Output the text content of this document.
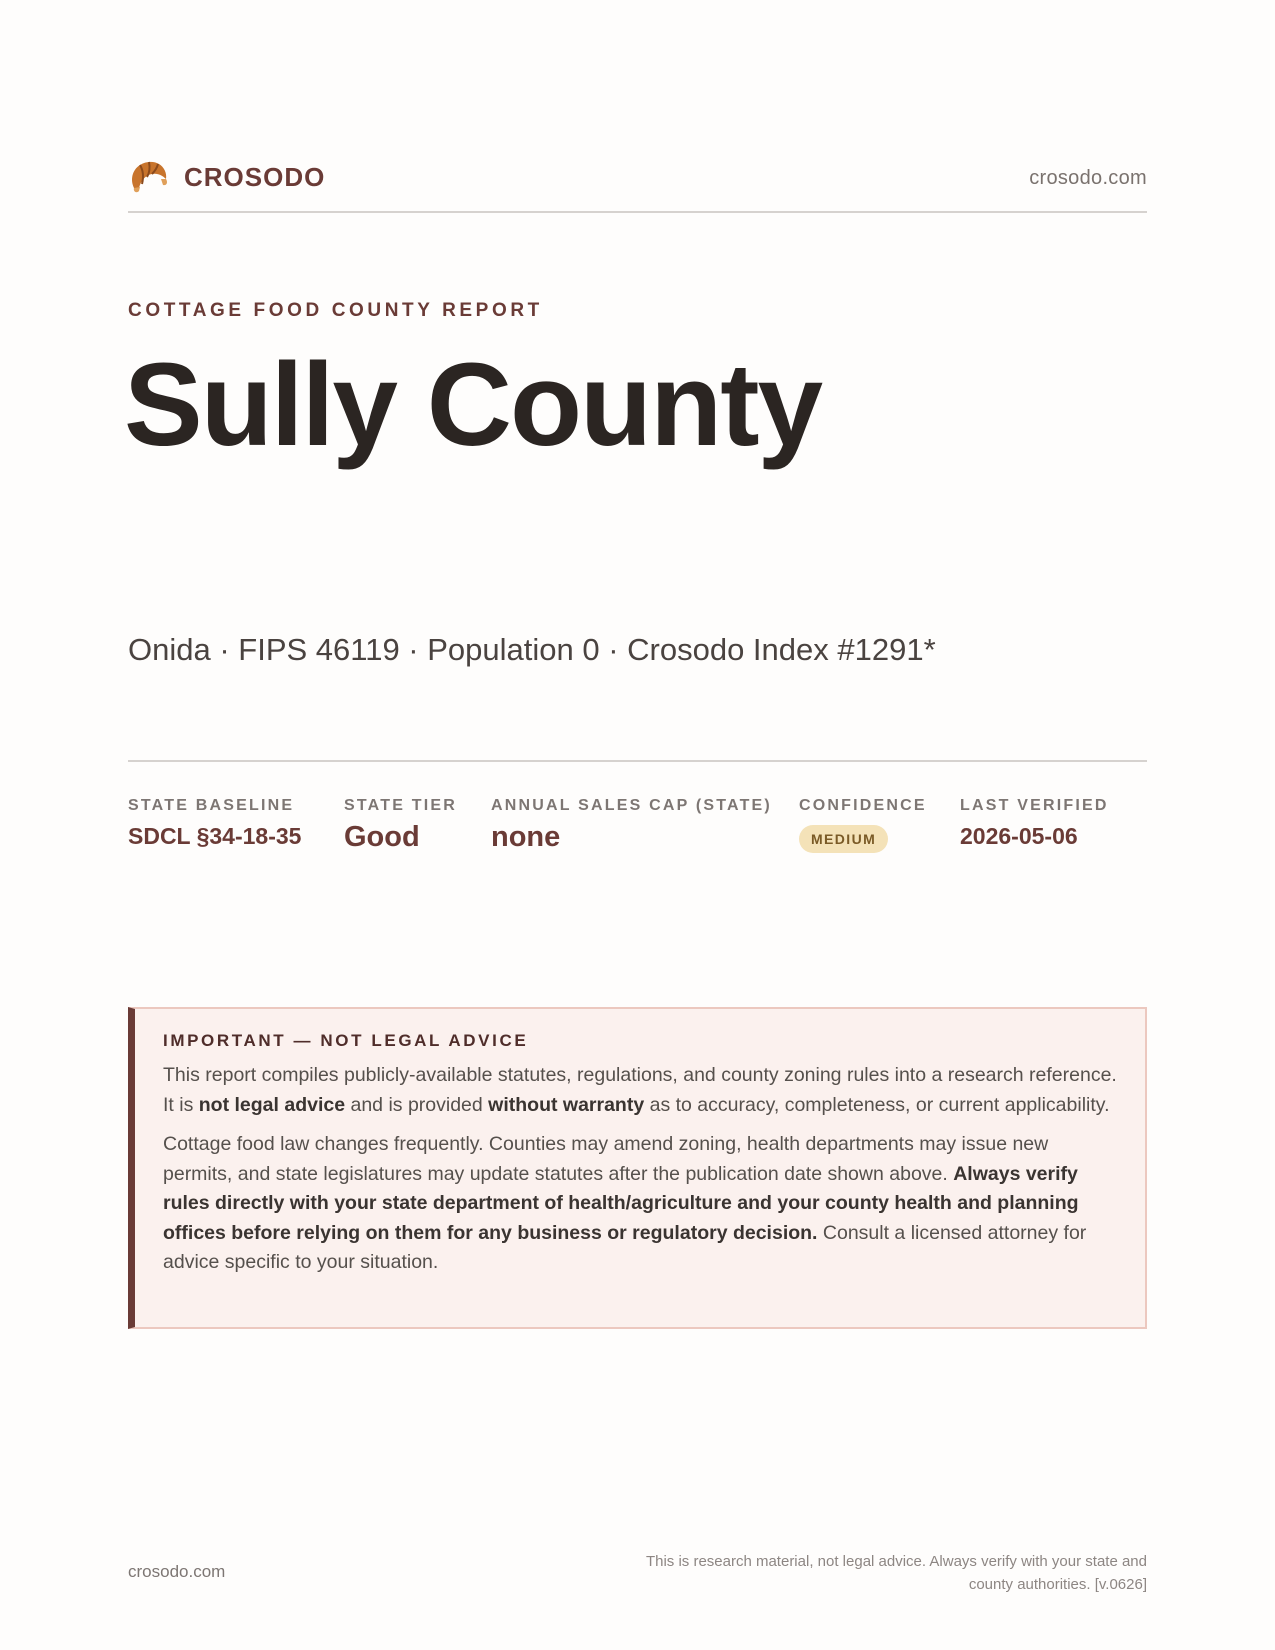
CROSODO	crosodo.com
COTTAGE FOOD COUNTY REPORT
Sully County
Onida · FIPS 46119 · Population 0 · Crosodo Index #1291*
STATE BASELINE
SDCL §34-18-35
STATE TIER
Good
ANNUAL SALES CAP (STATE)
none
CONFIDENCE
MEDIUM
LAST VERIFIED
2026-05-06
IMPORTANT — NOT LEGAL ADVICE

This report compiles publicly-available statutes, regulations, and county zoning rules into a research reference. It is not legal advice and is provided without warranty as to accuracy, completeness, or current applicability.

Cottage food law changes frequently. Counties may amend zoning, health departments may issue new permits, and state legislatures may update statutes after the publication date shown above. Always verify rules directly with your state department of health/agriculture and your county health and planning offices before relying on them for any business or regulatory decision. Consult a licensed attorney for advice specific to your situation.

crosodo.com
This is research material, not legal advice. Always verify with your state and county authorities. [v.0626]
